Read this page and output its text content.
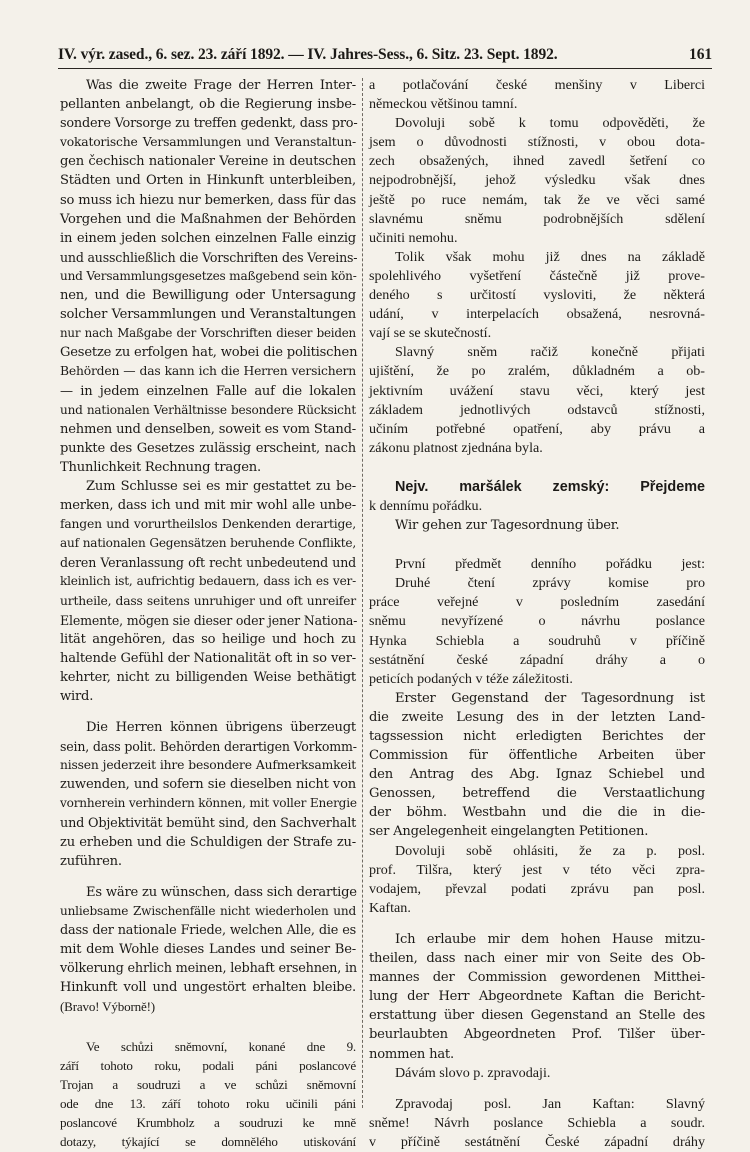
IV. výr. zased., 6. sez. 23. září 1892. — IV. Jahres-Sess., 6. Sitz. 23. Sept. 1892.	161
Was die zweite Frage der Herren Inter-
pellanten anbelangt, ob die Regierung insbe-
sondere Vorsorge zu treffen gedenkt, dass pro-
vokatorische Versammlungen und Veranstaltun-
gen čechisch nationaler Vereine in deutschen
Städten und Orten in Hinkunft unterbleiben,
so muss ich hiezu nur bemerken, dass für das
Vorgehen und die Maßnahmen der Behörden
in einem jeden solchen einzelnen Falle einzig
und ausschließlich die Vorschriften des Vereins-
und Versammlungsgesetzes maßgebend sein kön-
nen, und die Bewilligung oder Untersagung
solcher Versammlungen und Veranstaltungen
nur nach Maßgabe der Vorschriften dieser beiden
Gesetze zu erfolgen hat, wobei die politischen
Behörden — das kann ich die Herren versichern
— in jedem einzelnen Falle auf die lokalen
und nationalen Verhältnisse besondere Rücksicht
nehmen und denselben, soweit es vom Stand-
punkte des Gesetzes zulässig erscheint, nach
Thunlichkeit Rechnung tragen.
Zum Schlusse sei es mir gestattet zu be-
merken, dass ich und mit mir wohl alle unbe-
fangen und vorurtheilslos Denkenden derartige,
auf nationalen Gegensätzen beruhende Conflikte,
deren Veranlassung oft recht unbedeutend und
kleinlich ist, aufrichtig bedauern, dass ich es ver-
urtheile, dass seitens unruhiger und oft unreifer
Elemente, mögen sie dieser oder jener Nationa-
lität angehören, das so heilige und hoch zu
haltende Gefühl der Nationalität oft in so ver-
kehrter, nicht zu billigenden Weise bethätigt
wird.
Die Herren können übrigens überzeugt
sein, dass polit. Behörden derartigen Vorkomm-
nissen jederzeit ihre besondere Aufmerksamkeit
zuwenden, und sofern sie dieselben nicht von
vornherein verhindern können, mit voller Energie
und Objektivität bemüht sind, den Sachverhalt
zu erheben und die Schuldigen der Strafe zu-
zuführen.
Es wäre zu wünschen, dass sich derartige
unliebsame Zwischenfälle nicht wiederholen und
dass der nationale Friede, welchen Alle, die es
mit dem Wohle dieses Landes und seiner Be-
völkerung ehrlich meinen, lebhaft ersehnen, in
Hinkunft voll und ungestört erhalten bleibe.
(Bravo! Výborně!)
Ve schůzi sněmovní, konané dne 9.
září tohoto roku, podali páni poslancové
Trojan a soudruzi a ve schůzi sněmovní
ode dne 13. září tohoto roku učinili páni
poslancové Krumbholz a soudruzi ke mně
dotazy, týkající se domnělého utiskování
a potlačování české menšiny v Liberci
německou většinou tamní.
Dovoluji sobě k tomu odpověděti, že
jsem o důvodnosti stížnosti, v obou dota-
zech obsažených, ihned zavedl šetření co
nejpodrobnější, jehož výsledku však dnes
ještě po ruce nemám, tak že ve věci samé
slavnému sněmu podrobnějších sdělení
učiniti nemohu.
Tolik však mohu již dnes na základě
spolehlivého vyšetření částečně již prove-
deného s určitostí vysloviti, že některá
udání, v interpelacích obsažená, nesrovná-
vají se se skutečností.
Slavný sněm račiž konečně přijati
ujištění, že po zralém, důkladném a ob-
jektivním uvážení stavu věci, který jest
základem jednotlivých odstavců stížnosti,
učiním potřebné opatření, aby právu a
zákonu platnost zjednána byla.
Nejv. maršálek zemský: Přejdeme
k dennímu pořádku.
Wir gehen zur Tagesordnung über.
První předmět denního pořádku jest:
Druhé čtení zprávy komise pro
práce veřejné v posledním zasedání
sněmu nevyřízené o návrhu poslance
Hynka Schiebla a soudruhů v příčině
sestátnění české západní dráhy a o
peticích podaných v téže záležitosti.
Erster Gegenstand der Tagesordnung ist
die zweite Lesung des in der letzten Land-
tagssession nicht erledigten Berichtes der
Commission für öffentliche Arbeiten über
den Antrag des Abg. Ignaz Schiebel und
Genossen, betreffend die Verstaatlichung
der böhm. Westbahn und die die in die-
ser Angelegenheit eingelangten Petitionen.
Dovoluji sobě ohlásiti, že za p. posl.
prof. Tilšra, který jest v této věci zpra-
vodajem, převzal podati zprávu pan posl.
Kaftan.
Ich erlaube mir dem hohen Hause mitzu-
theilen, dass nach einer mir von Seite des Ob-
mannes der Commission gewordenen Mitthei-
lung der Herr Abgeordnete Kaftan die Bericht-
erstattung über diesen Gegenstand an Stelle des
beurlaubten Abgeordneten Prof. Tilšer über-
nommen hat.
Dávám slovo p. zpravodaji.
Zpravodaj posl. Jan Kaftan: Slavný
sněme! Návrh poslance Schiebla a soudr.
v příčině sestátnění České západní dráhy
